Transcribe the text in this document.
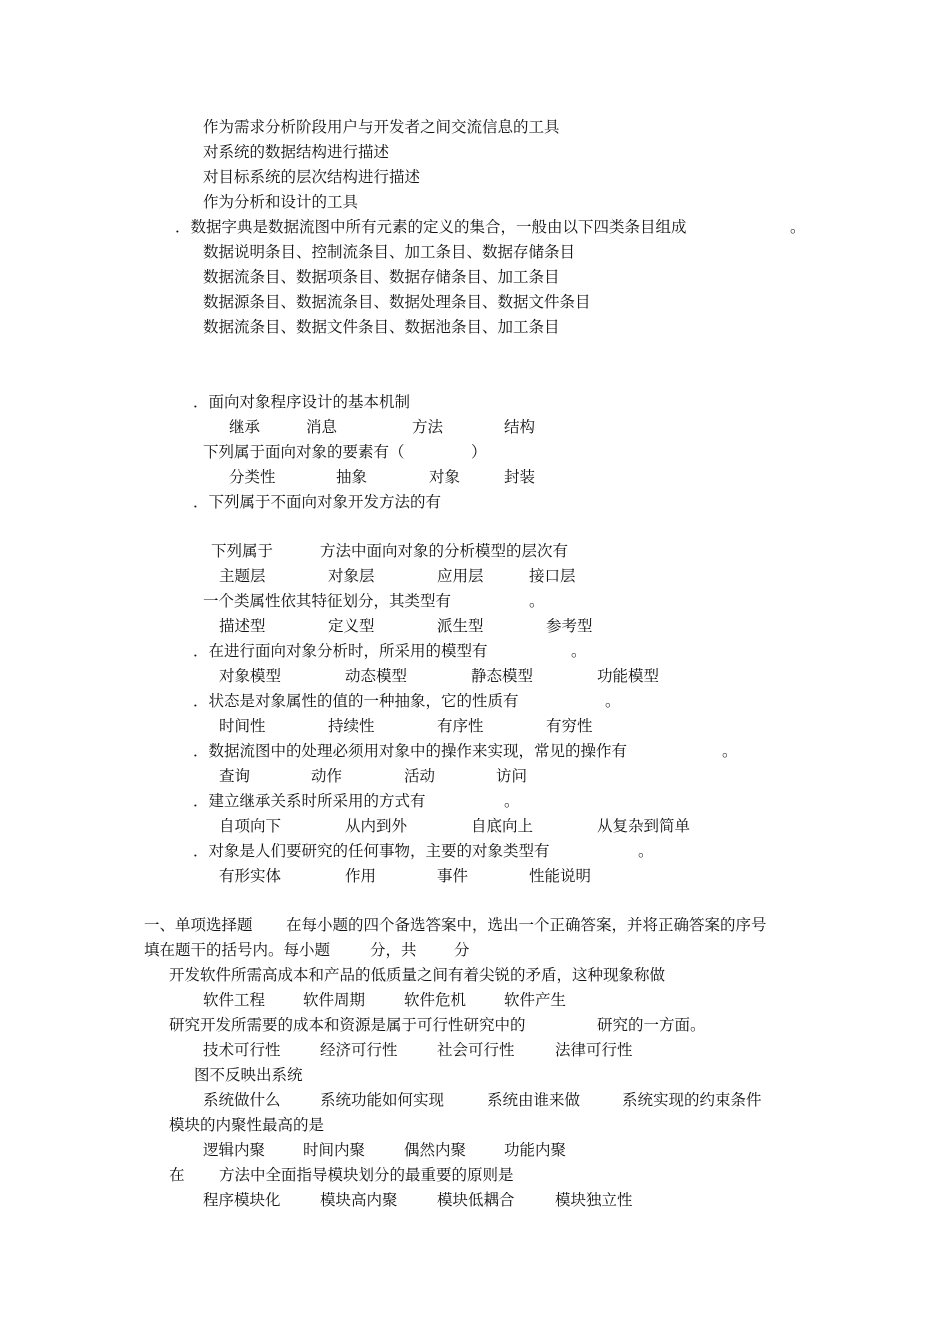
作为需求分析阶段用户与开发者之间交流信息的工具
对系统的数据结构进行描述
对目标系统的层次结构进行描述
作为分析和设计的工具
．数据字典是数据流图中所有元素的定义的集合，一般由以下四类条目组成	。
数据说明条目、控制流条目、加工条目、数据存储条目
数据流条目、数据项条目、数据存储条目、加工条目
数据源条目、数据流条目、数据处理条目、数据文件条目
数据流条目、数据文件条目、数据池条目、加工条目
．面向对象程序设计的基本机制
继承	消息	方法	结构
下列属于面向对象的要素有（	）
分类性	抽象	对象	封装
．下列属于不面向对象开发方法的有
下列属于	方法中面向对象的分析模型的层次有
主题层	对象层	应用层	接口层
一个类属性依其特征划分，其类型有	。
描述型	定义型	派生型	参考型
．在进行面向对象分析时，所采用的模型有	。
对象模型	动态模型	静态模型	功能模型
．状态是对象属性的值的一种抽象，它的性质有	。
时间性	持续性	有序性	有穷性
．数据流图中的处理必须用对象中的操作来实现，常见的操作有	。
查询	动作	活动	访问
．建立继承关系时所采用的方式有	。
自项向下	从内到外	自底向上	从复杂到简单
．对象是人们要研究的任何事物，主要的对象类型有	。
有形实体	作用	事件	性能说明
一、单项选择题 在每小题的四个备选答案中，选出一个正确答案，并将正确答案的序号
填在题干的括号内。每小题	分，共 分
开发软件所需高成本和产品的低质量之间有着尖锐的矛盾，这种现象称做
软件工程 软件周期	软件危机 软件产生
研究开发所需要的成本和资源是属于可行性研究中的	研究的一方面。
技术可行性	经济可行性	社会可行性	法律可行性
图不反映出系统
系统做什么	系统功能如何实现	系统由谁来做	系统实现的约束条件
模块的内聚性最高的是
逻辑内聚 时间内聚	偶然内聚 功能内聚
在 方法中全面指导模块划分的最重要的原则是
程序模块化	模块高内聚	模块低耦合	模块独立性
